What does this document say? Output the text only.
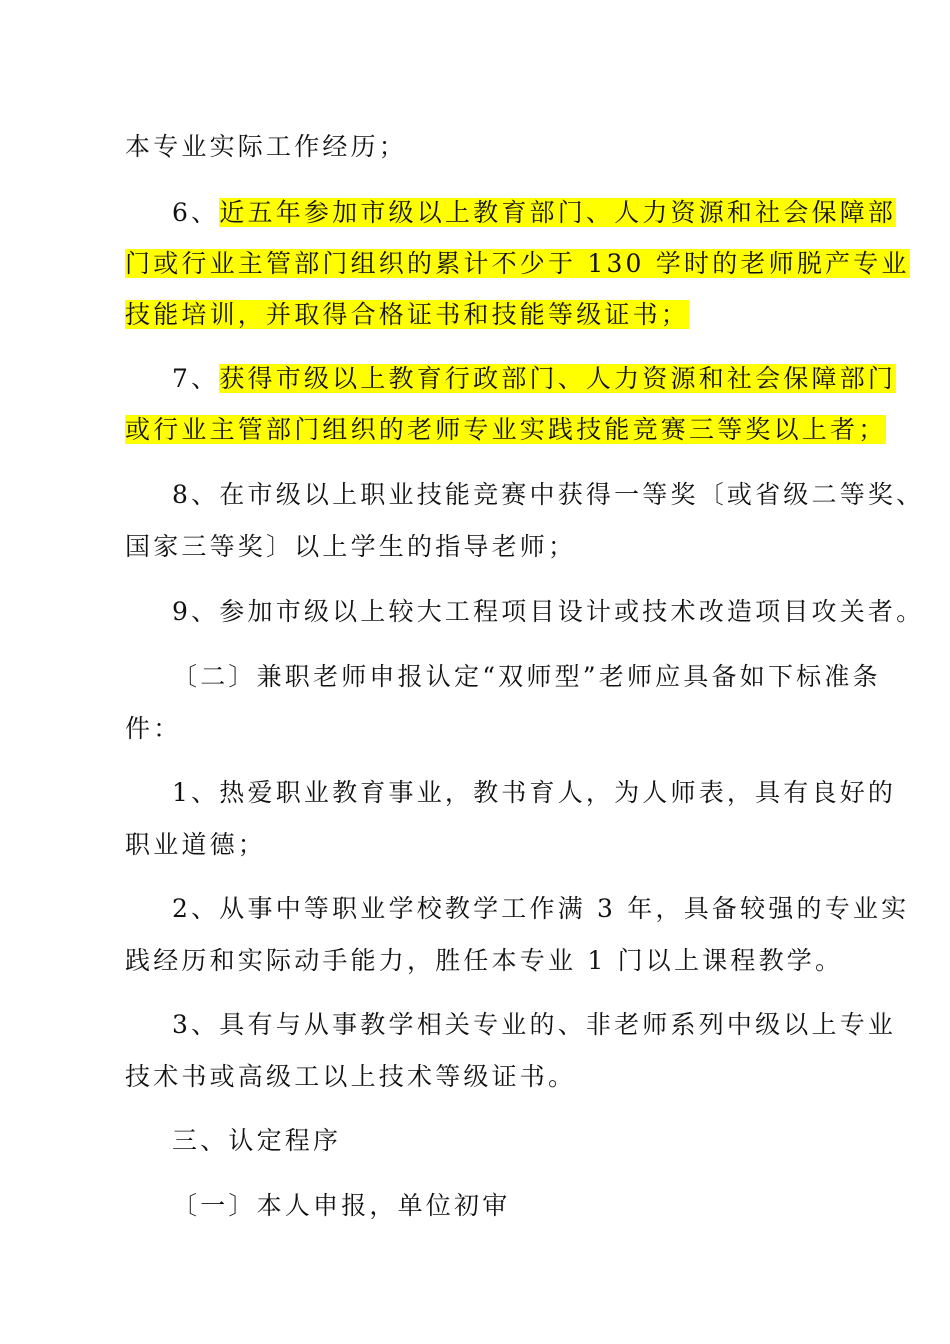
本专业实际工作经历；
6、近五年参加市级以上教育部门、人力资源和社会保障部
门或行业主管部门组织的累计不少于 130 学时的老师脱产专业
技能培训，并取得合格证书和技能等级证书；
7、获得市级以上教育行政部门、人力资源和社会保障部门
或行业主管部门组织的老师专业实践技能竞赛三等奖以上者；
8、在市级以上职业技能竞赛中获得一等奖〔或省级二等奖、
国家三等奖〕以上学生的指导老师；
9、参加市级以上较大工程项目设计或技术改造项目攻关者。
〔二〕兼职老师申报认定“双师型”老师应具备如下标准条
件：
1、热爱职业教育事业，教书育人，为人师表，具有良好的
职业道德；
2、从事中等职业学校教学工作满 3 年，具备较强的专业实
践经历和实际动手能力，胜任本专业 1 门以上课程教学。
3、具有与从事教学相关专业的、非老师系列中级以上专业
技术书或高级工以上技术等级证书。
三、认定程序
〔一〕本人申报，单位初审
